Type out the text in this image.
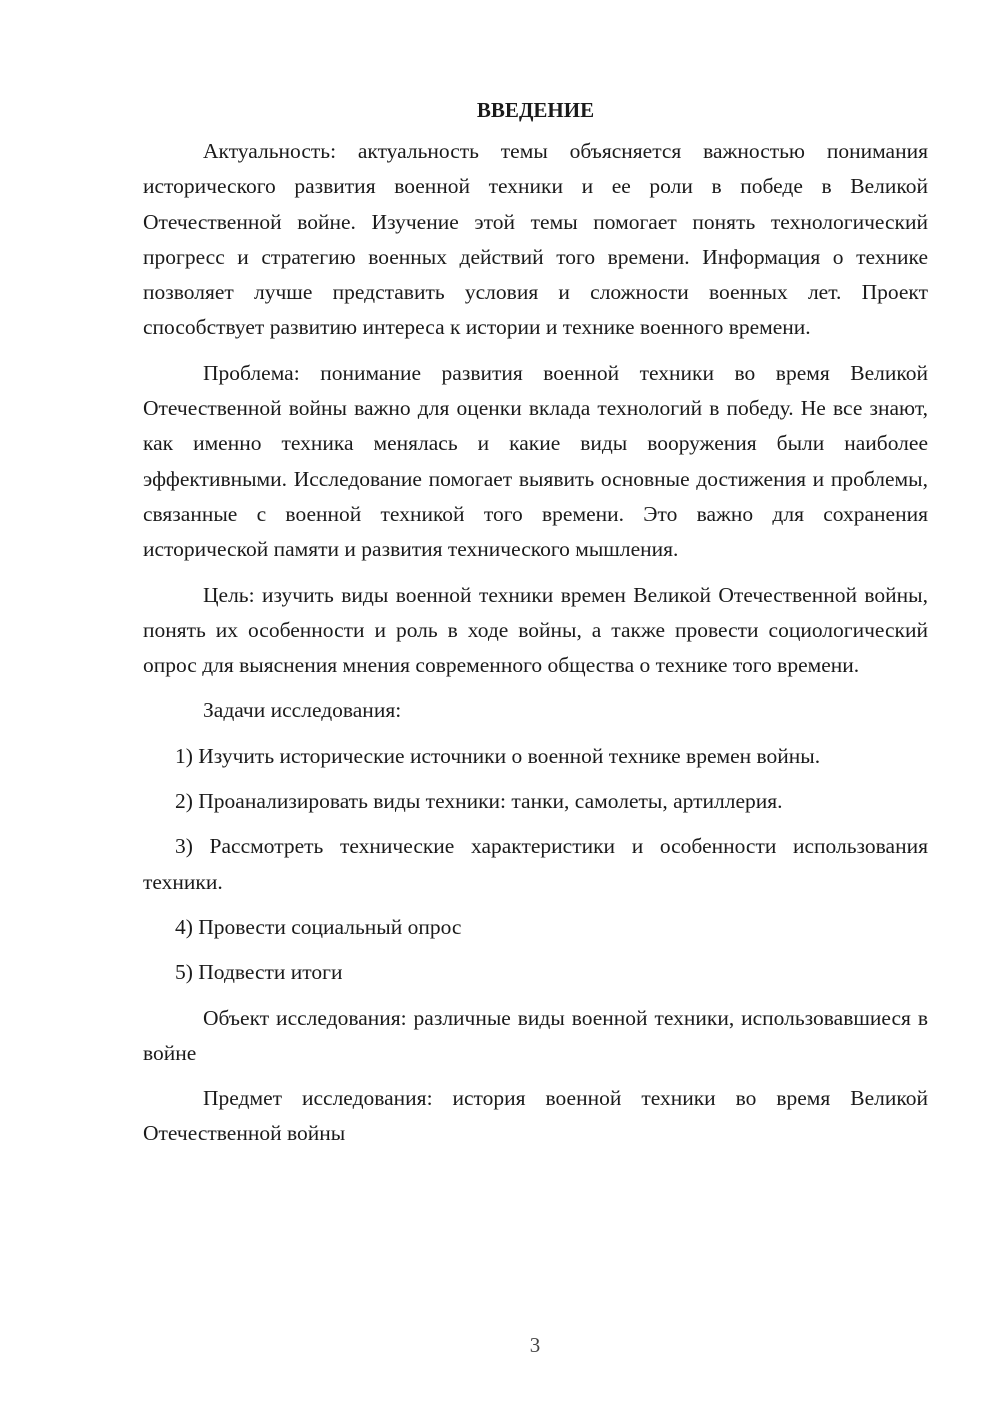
ВВЕДЕНИЕ

Актуальность: актуальность темы объясняется важностью понимания исторического развития военной техники и ее роли в победе в Великой Отечественной войне. Изучение этой темы помогает понять технологический прогресс и стратегию военных действий того времени. Информация о технике позволяет лучше представить условия и сложности военных лет. Проект способствует развитию интереса к истории и технике военного времени.

Проблема: понимание развития военной техники во время Великой Отечественной войны важно для оценки вклада технологий в победу. Не все знают, как именно техника менялась и какие виды вооружения были наиболее эффективными. Исследование помогает выявить основные достижения и проблемы, связанные с военной техникой того времени. Это важно для сохранения исторической памяти и развития технического мышления.

Цель: изучить виды военной техники времен Великой Отечественной войны, понять их особенности и роль в ходе войны, а также провести социологический опрос для выяснения мнения современного общества о технике того времени.

Задачи исследования:

1) Изучить исторические источники о военной технике времен войны.

2) Проанализировать виды техники: танки, самолеты, артиллерия.

3) Рассмотреть технические характеристики и особенности использования техники.

4) Провести социальный опрос

5) Подвести итоги

Объект исследования: различные виды военной техники, использовавшиеся в войне

Предмет исследования: история военной техники во время Великой Отечественной войны

3
